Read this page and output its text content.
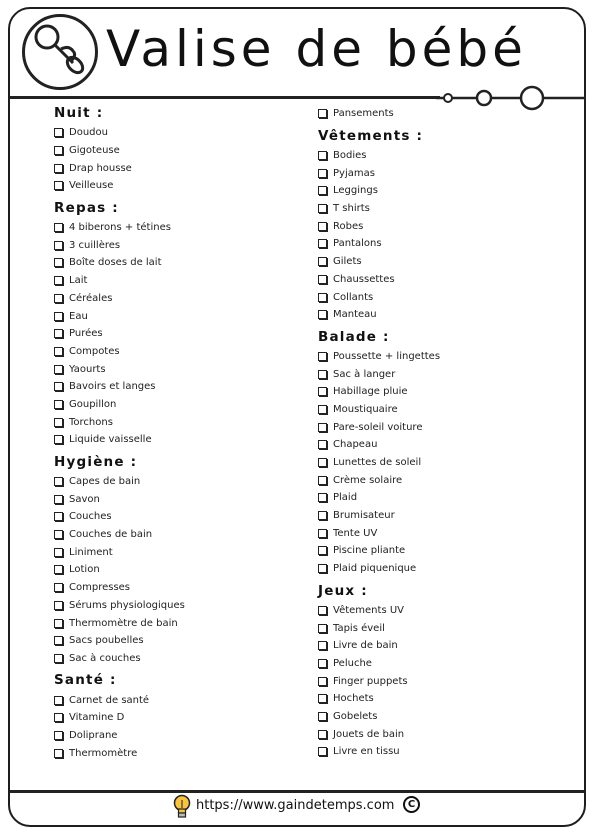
Valise de bébé
Nuit :
Doudou
Gigoteuse
Drap housse
Veilleuse
Repas :
4 biberons + tétines
3 cuillères
Boîte doses de lait
Lait
Céréales
Eau
Purées
Compotes
Yaourts
Bavoirs et langes
Goupillon
Torchons
Liquide vaisselle
Hygiène :
Capes de bain
Savon
Couches
Couches de bain
Liniment
Lotion
Compresses
Sérums physiologiques
Thermomètre de bain
Sacs poubelles
Sac à couches
Santé :
Carnet de santé
Vitamine D
Doliprane
Thermomètre
Pansements
Vêtements :
Bodies
Pyjamas
Leggings
T shirts
Robes
Pantalons
Gilets
Chaussettes
Collants
Manteau
Balade :
Poussette + lingettes
Sac à langer
Habillage pluie
Moustiquaire
Pare-soleil voiture
Chapeau
Lunettes de soleil
Crème solaire
Plaid
Brumisateur
Tente UV
Piscine pliante
Plaid piquenique
Jeux :
Vêtements UV
Tapis éveil
Livre de bain
Peluche
Finger puppets
Hochets
Gobelets
Jouets de bain
Livre en tissu
https://www.gaindetemps.com	C
